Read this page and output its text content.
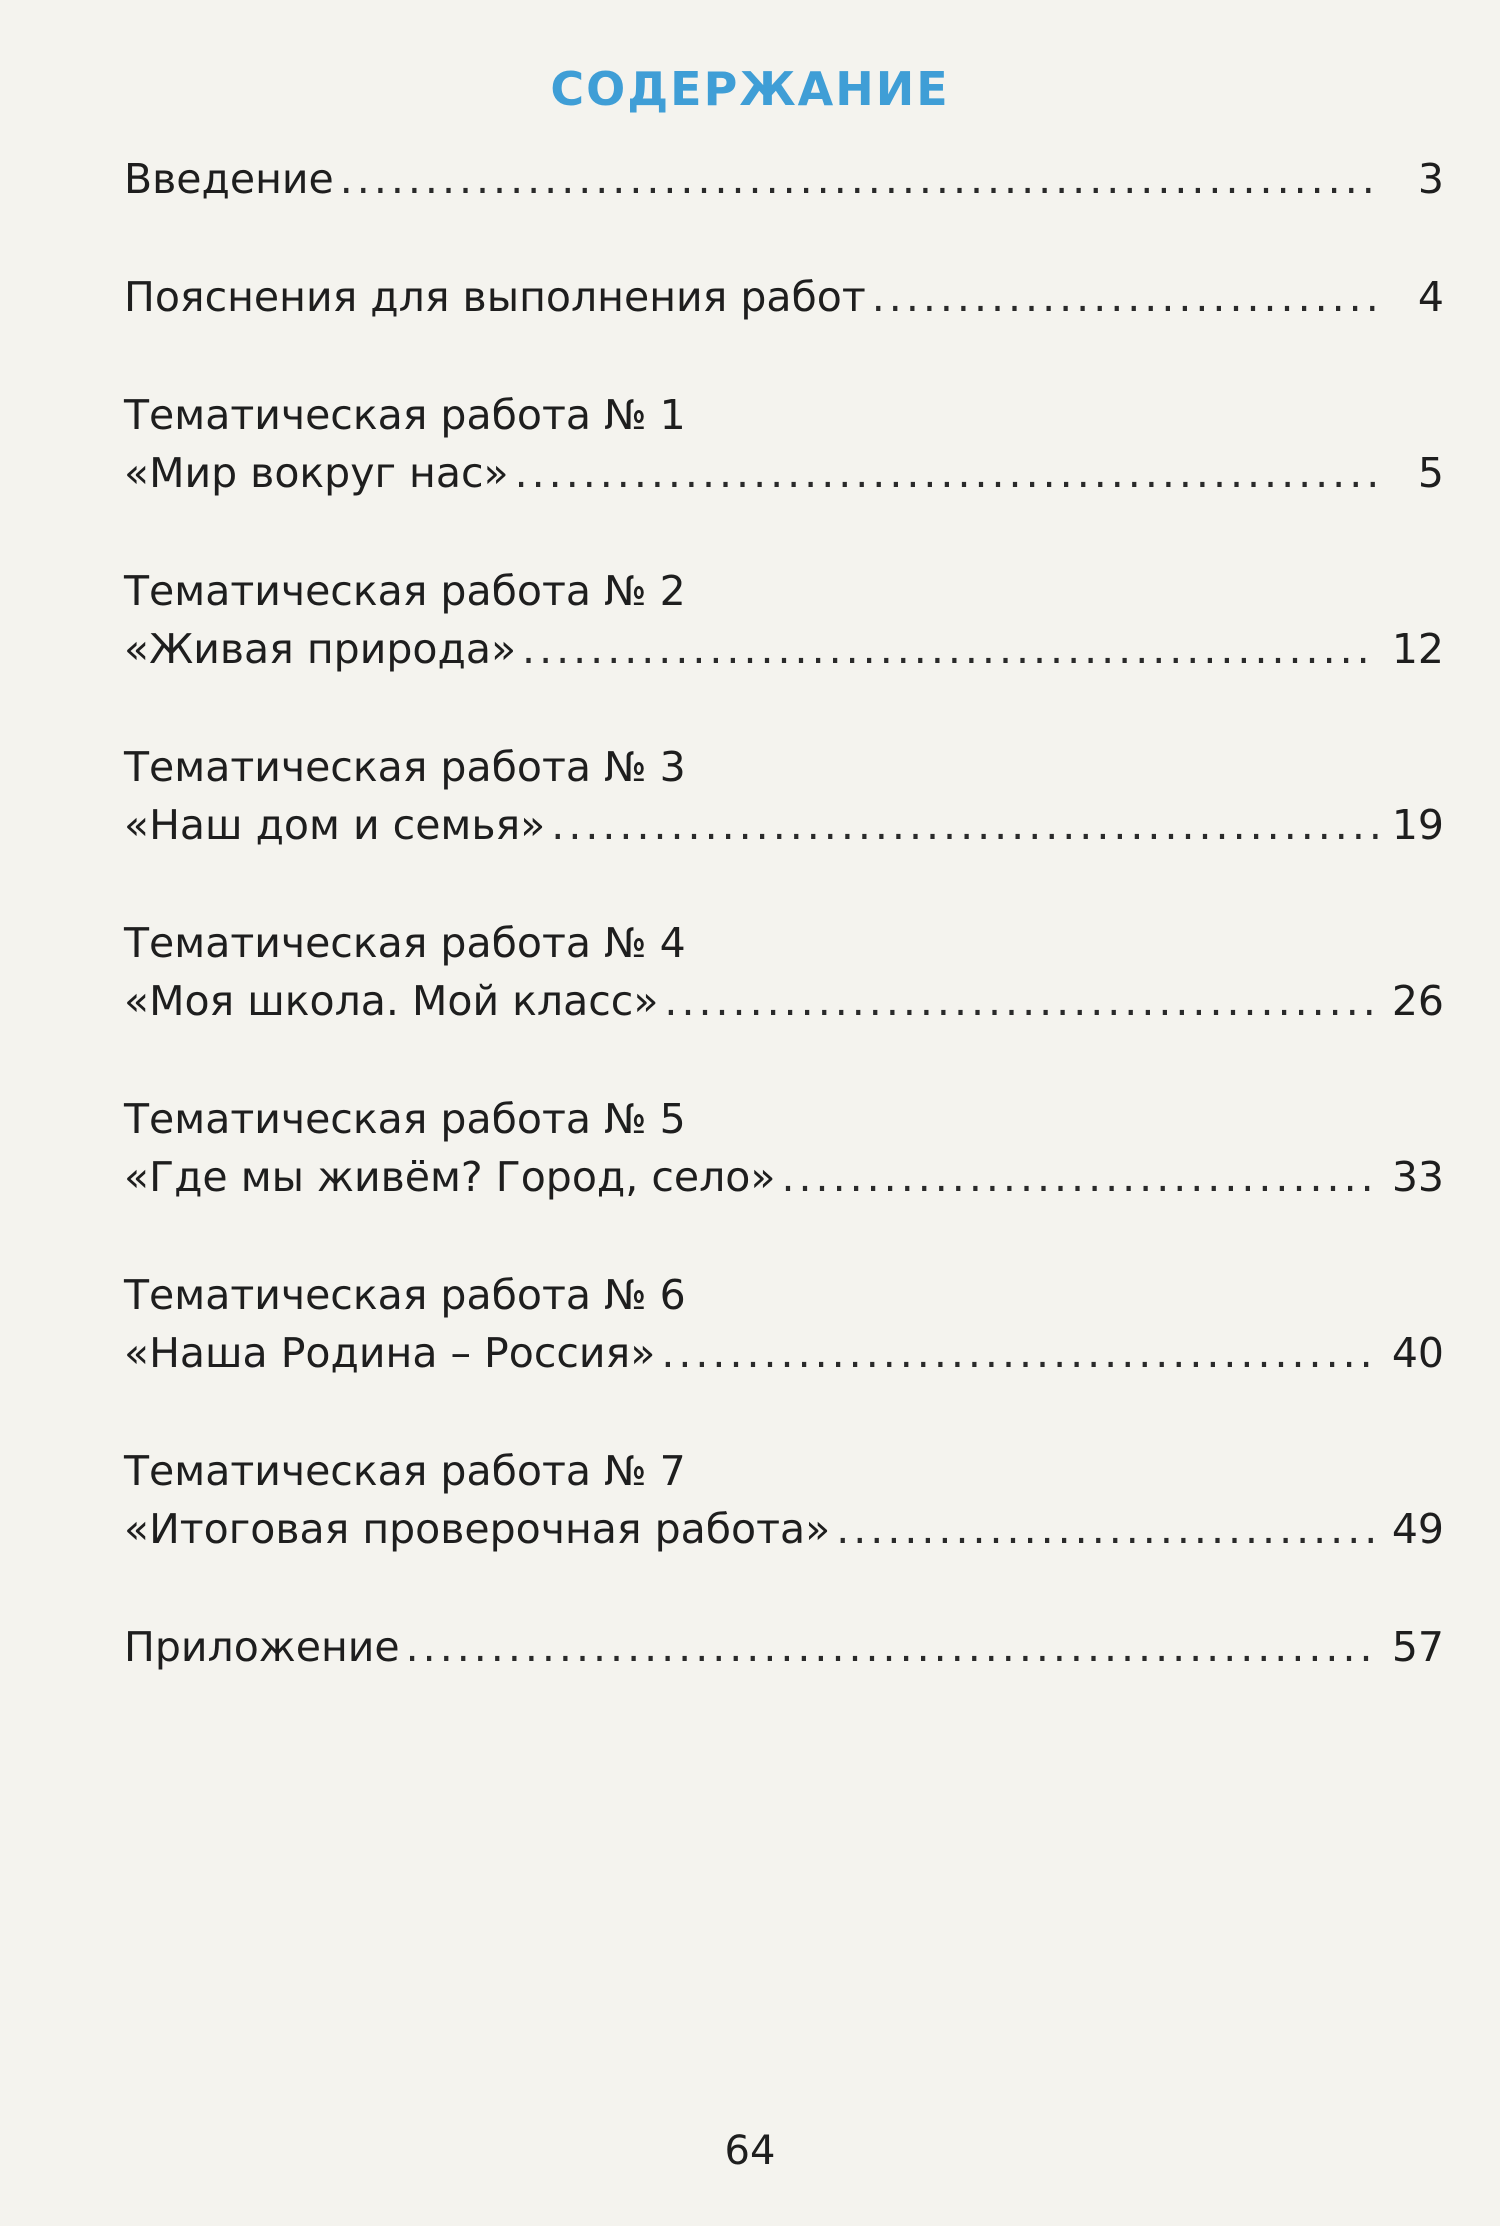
СОДЕРЖАНИЕ
Введение .....	3
Пояснения для выполнения работ .....	4
Тематическая работа № 1
«Мир вокруг нас» .....	5
Тематическая работа № 2
«Живая природа» .....	12
Тематическая работа № 3
«Наш дом и семья» .....	19
Тематическая работа № 4
«Моя школа. Мой класс» .....	26
Тематическая работа № 5
«Где мы живём? Город, село» .....	33
Тематическая работа № 6
«Наша Родина – Россия» .....	40
Тематическая работа № 7
«Итоговая проверочная работа» .....	49
Приложение .....	57
64
